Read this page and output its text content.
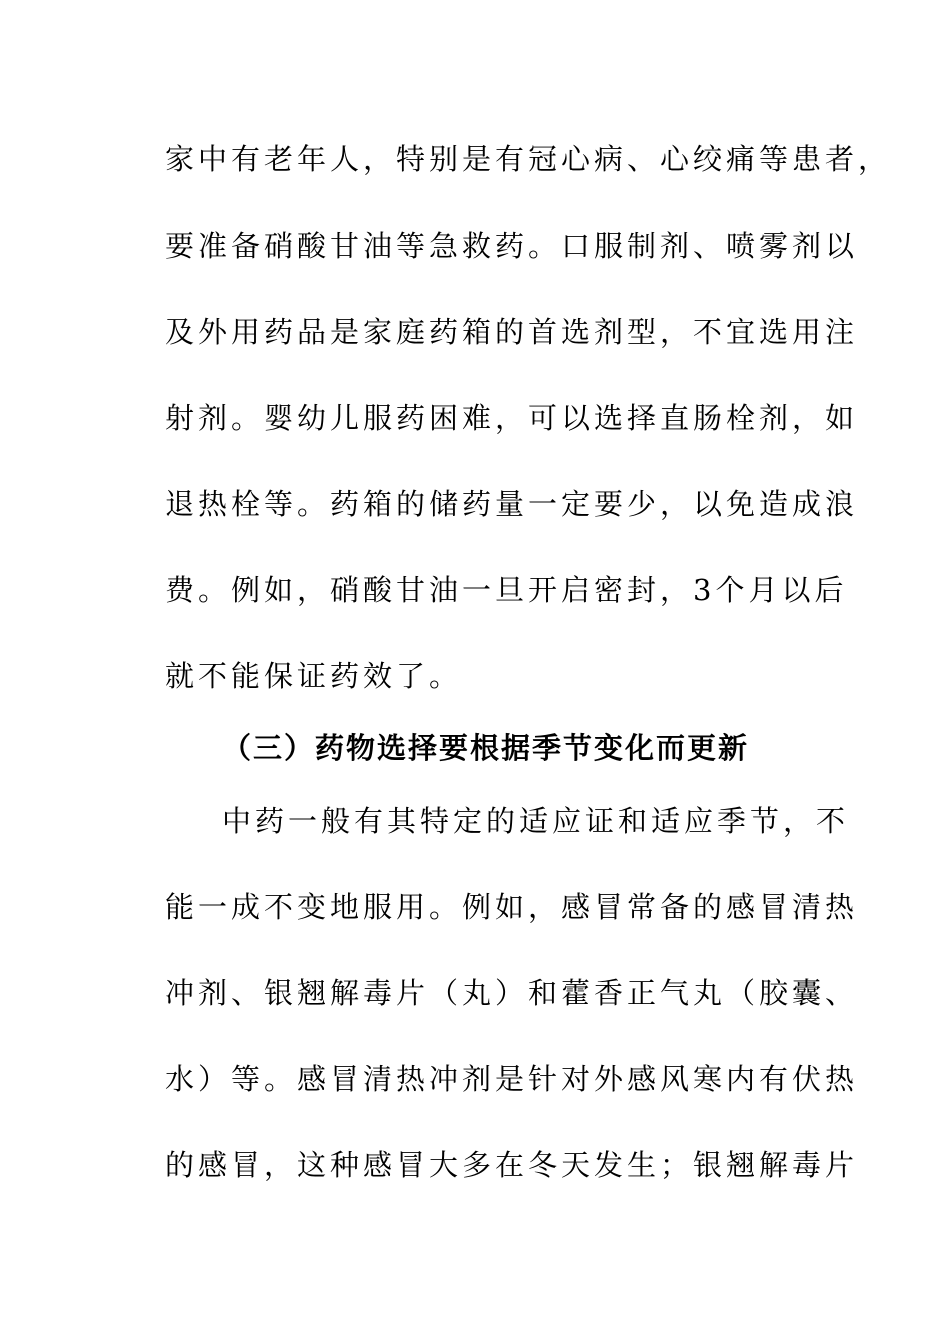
家中有老年人，特别是有冠心病、心绞痛等患者，
要准备硝酸甘油等急救药。口服制剂、喷雾剂以
及外用药品是家庭药箱的首选剂型，不宜选用注
射剂。婴幼儿服药困难，可以选择直肠栓剂，如
退热栓等。药箱的储药量一定要少，以免造成浪
费。例如，硝酸甘油一旦开启密封，3个月以后
就不能保证药效了。
（三）药物选择要根据季节变化而更新
中药一般有其特定的适应证和适应季节，不
能一成不变地服用。例如，感冒常备的感冒清热
冲剂、银翘解毒片（丸）和藿香正气丸（胶囊、
水）等。感冒清热冲剂是针对外感风寒内有伏热
的感冒，这种感冒大多在冬天发生；银翘解毒片
